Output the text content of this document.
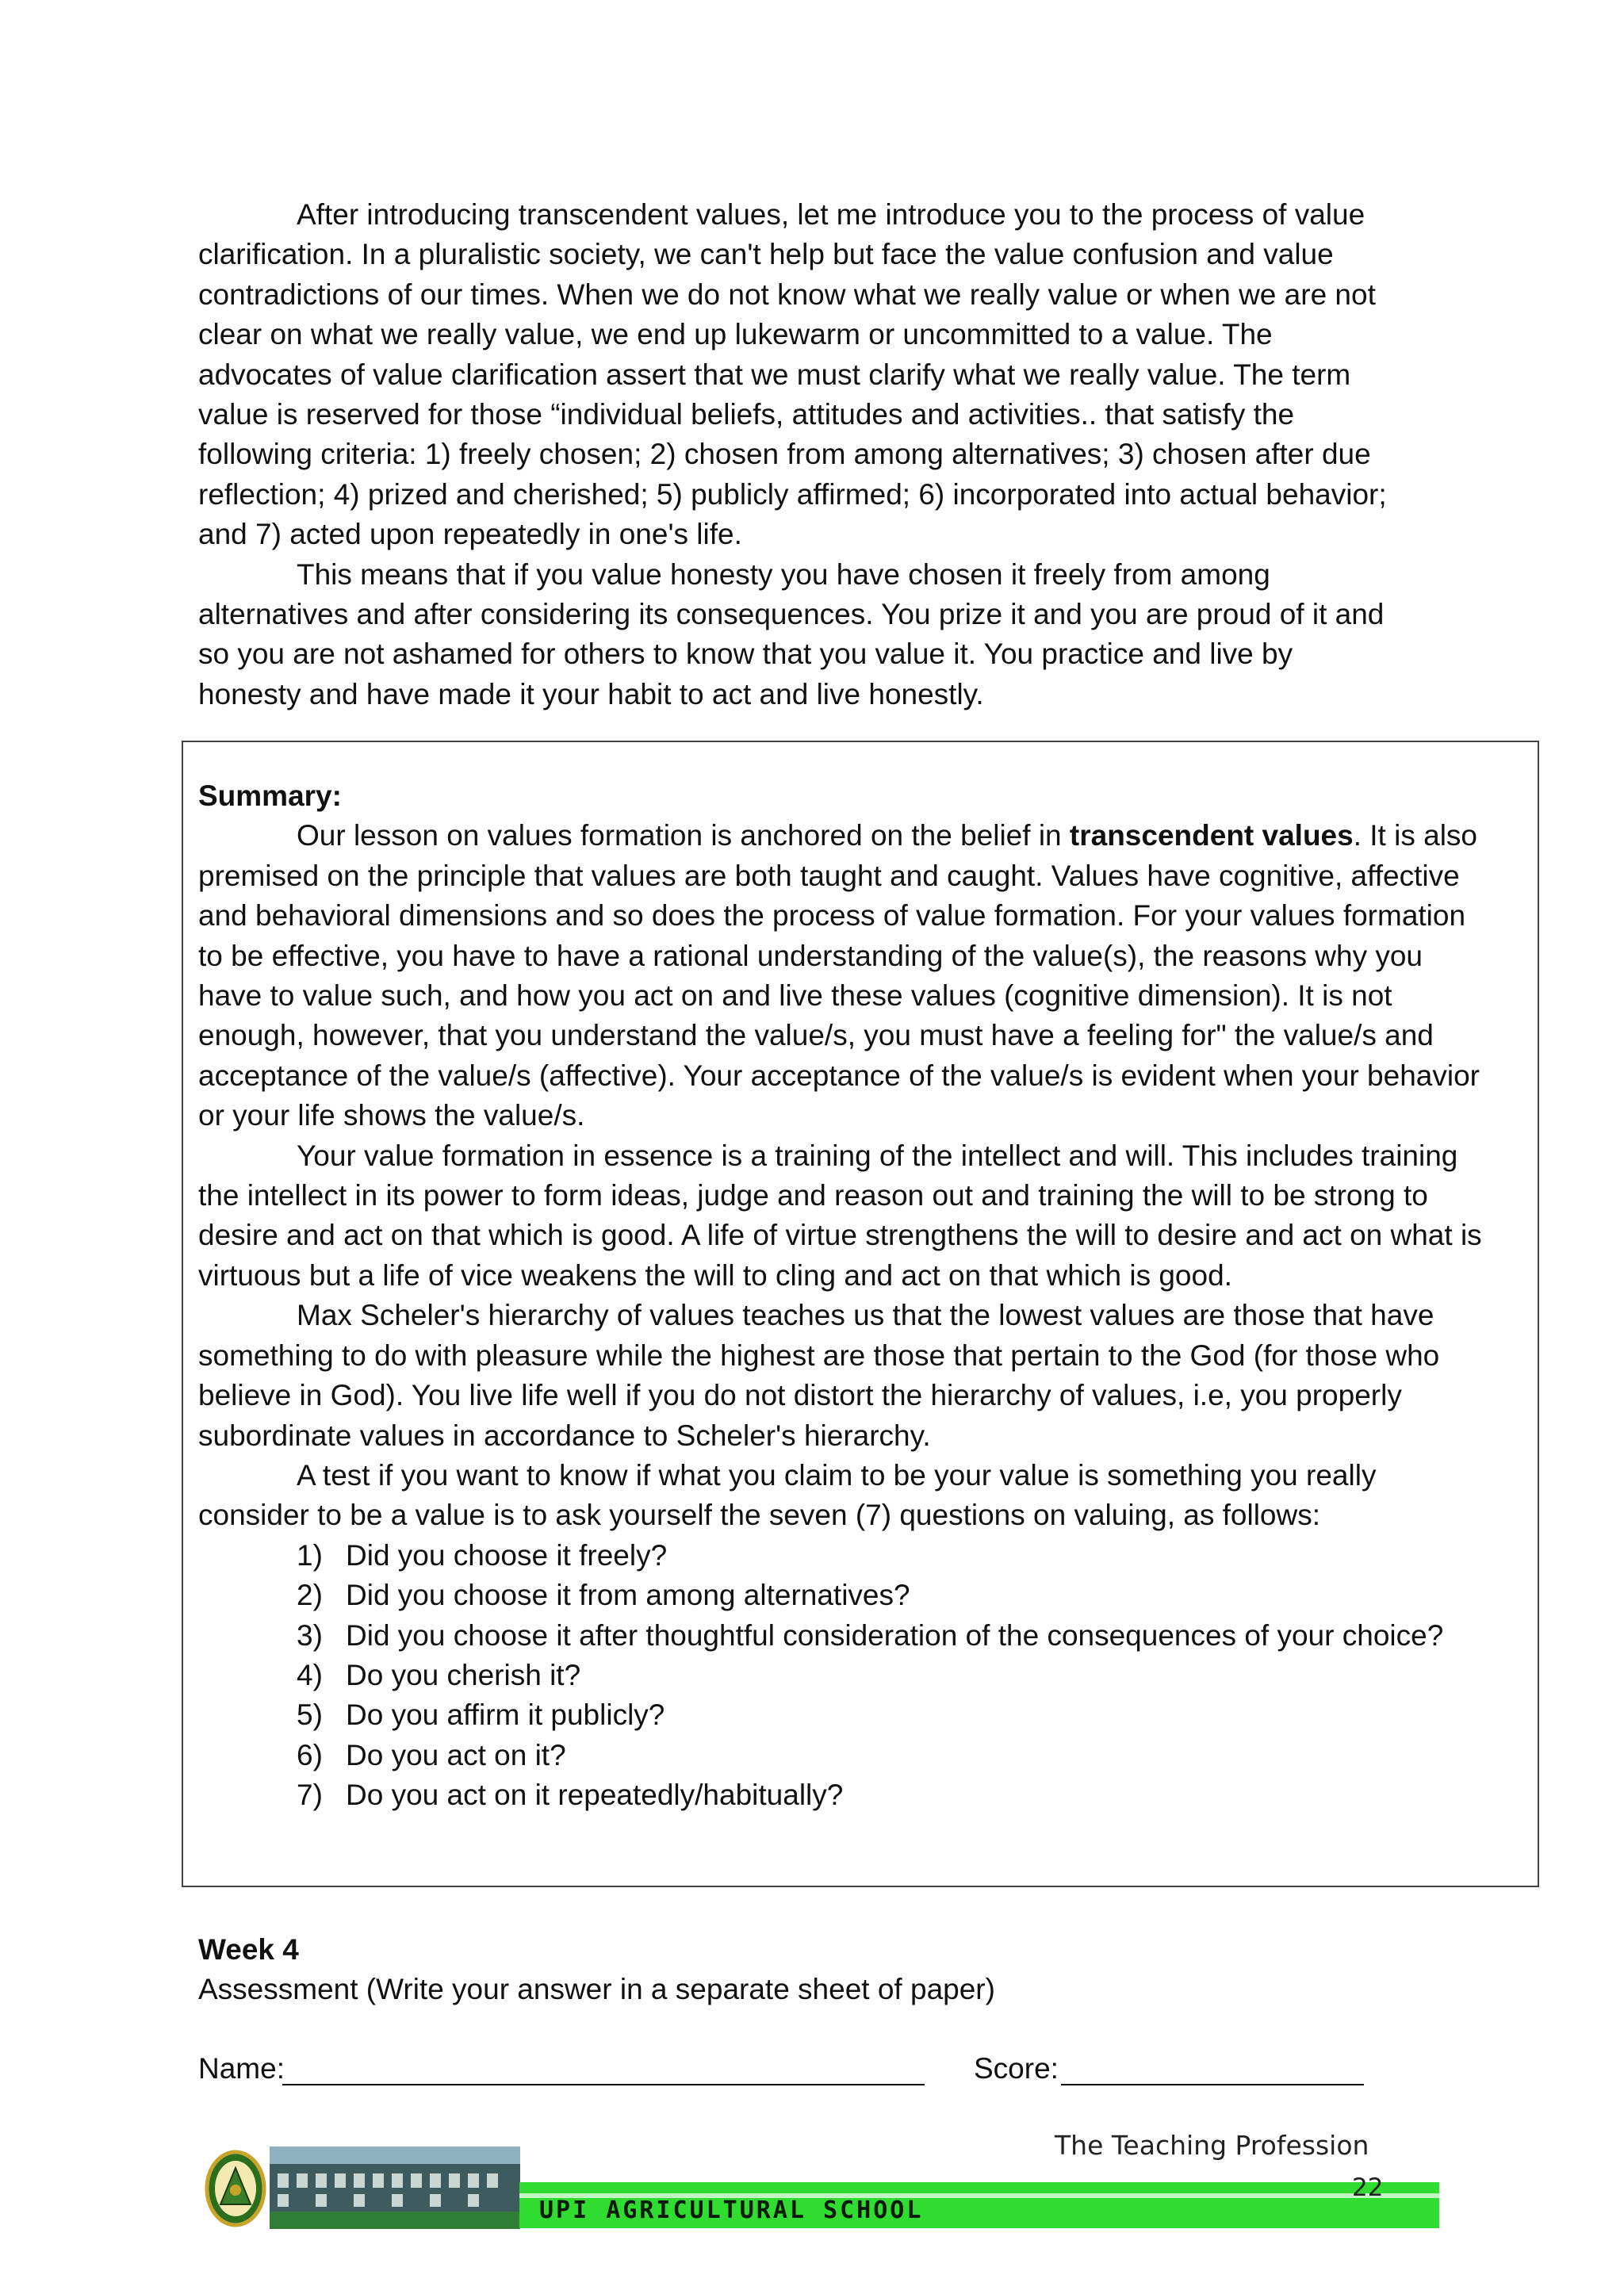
After introducing transcendent values, let me introduce you to the process of value
clarification. In a pluralistic society, we can't help but face the value confusion and value
contradictions of our times. When we do not know what we really value or when we are not
clear on what we really value, we end up lukewarm or uncommitted to a value. The
advocates of value clarification assert that we must clarify what we really value. The term
value is reserved for those “individual beliefs, attitudes and activities.. that satisfy the
following criteria: 1) freely chosen; 2) chosen from among alternatives; 3) chosen after due
reflection; 4) prized and cherished; 5) publicly affirmed; 6) incorporated into actual behavior;
and 7) acted upon repeatedly in one's life.
This means that if you value honesty you have chosen it freely from among
alternatives and after considering its consequences. You prize it and you are proud of it and
so you are not ashamed for others to know that you value it. You practice and live by
honesty and have made it your habit to act and live honestly.
Summary:
Our lesson on values formation is anchored on the belief in transcendent values. It is also
premised on the principle that values are both taught and caught. Values have cognitive, affective
and behavioral dimensions and so does the process of value formation. For your values formation
to be effective, you have to have a rational understanding of the value(s), the reasons why you
have to value such, and how you act on and live these values (cognitive dimension). It is not
enough, however, that you understand the value/s, you must have a feeling for" the value/s and
acceptance of the value/s (affective). Your acceptance of the value/s is evident when your behavior
or your life shows the value/s.
Your value formation in essence is a training of the intellect and will. This includes training
the intellect in its power to form ideas, judge and reason out and training the will to be strong to
desire and act on that which is good. A life of virtue strengthens the will to desire and act on what is
virtuous but a life of vice weakens the will to cling and act on that which is good.
Max Scheler's hierarchy of values teaches us that the lowest values are those that have
something to do with pleasure while the highest are those that pertain to the God (for those who
believe in God). You live life well if you do not distort the hierarchy of values, i.e, you properly
subordinate values in accordance to Scheler's hierarchy.
A test if you want to know if what you claim to be your value is something you really
consider to be a value is to ask yourself the seven (7) questions on valuing, as follows:
1) Did you choose it freely?
2) Did you choose it from among alternatives?
3) Did you choose it after thoughtful consideration of the consequences of your choice?
4) Do you cherish it?
5) Do you affirm it publicly?
6) Do you act on it?
7) Do you act on it repeatedly/habitually?
Week 4
Assessment (Write your answer in a separate sheet of paper)
Name:	Score:
The Teaching Profession
UPI AGRICULTURAL SCHOOL
22
